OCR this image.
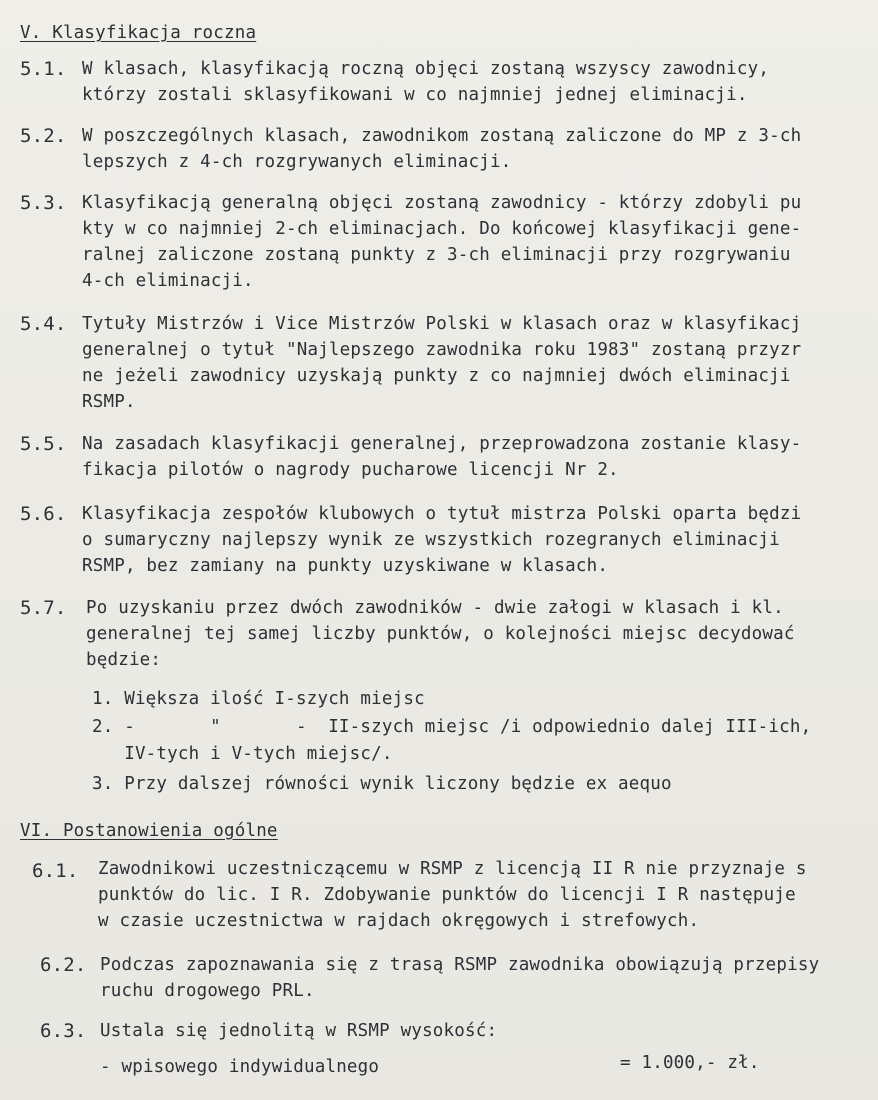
V. Klasyfikacja roczna
5.1. W klasach, klasyfikacją roczną objęci zostaną wszyscy zawodnicy,
którzy zostali sklasyfikowani w co najmniej jednej eliminacji.
5.2. W poszczególnych klasach, zawodnikom zostaną zaliczone do MP z 3-ch
lepszych z 4-ch rozgrywanych eliminacji.
5.3. Klasyfikacją generalną objęci zostaną zawodnicy - którzy zdobyli pu
kty w co najmniej 2-ch eliminacjach. Do końcowej klasyfikacji gene-
ralnej zaliczone zostaną punkty z 3-ch eliminacji przy rozgrywaniu
4-ch eliminacji.
5.4. Tytuły Mistrzów i Vice Mistrzów Polski w klasach oraz w klasyfikacj
generalnej o tytuł "Najlepszego zawodnika roku 1983" zostaną przyzr
ne jeżeli zawodnicy uzyskają punkty z co najmniej dwóch eliminacji
RSMP.
5.5. Na zasadach klasyfikacji generalnej, przeprowadzona zostanie klasy-
fikacja pilotów o nagrody pucharowe licencji Nr 2.
5.6. Klasyfikacja zespołów klubowych o tytuł mistrza Polski oparta będzi
o sumaryczny najlepszy wynik ze wszystkich rozegranych eliminacji
RSMP, bez zamiany na punkty uzyskiwane w klasach.
5.7. Po uzyskaniu przez dwóch zawodników - dwie załogi w klasach i kl.
generalnej tej samej liczby punktów, o kolejności miejsc decydować
będzie:
1. Większa ilość I-szych miejsc
2. -       "       -  II-szych miejsc /i odpowiednio dalej III-ich,
IV-tych i V-tych miejsc/.
3. Przy dalszej równości wynik liczony będzie ex aequo
VI. Postanowienia ogólne
6.1. Zawodnikowi uczestniczącemu w RSMP z licencją II R nie przyznaje s
punktów do lic. I R. Zdobywanie punktów do licencji I R następuje
w czasie uczestnictwa w rajdach okręgowych i strefowych.
6.2. Podczas zapoznawania się z trasą RSMP zawodnika obowiązują przepisy
ruchu drogowego PRL.
6.3. Ustala się jednolitą w RSMP wysokość:
- wpisowego indywidualnego	= 1.000,- zł.
